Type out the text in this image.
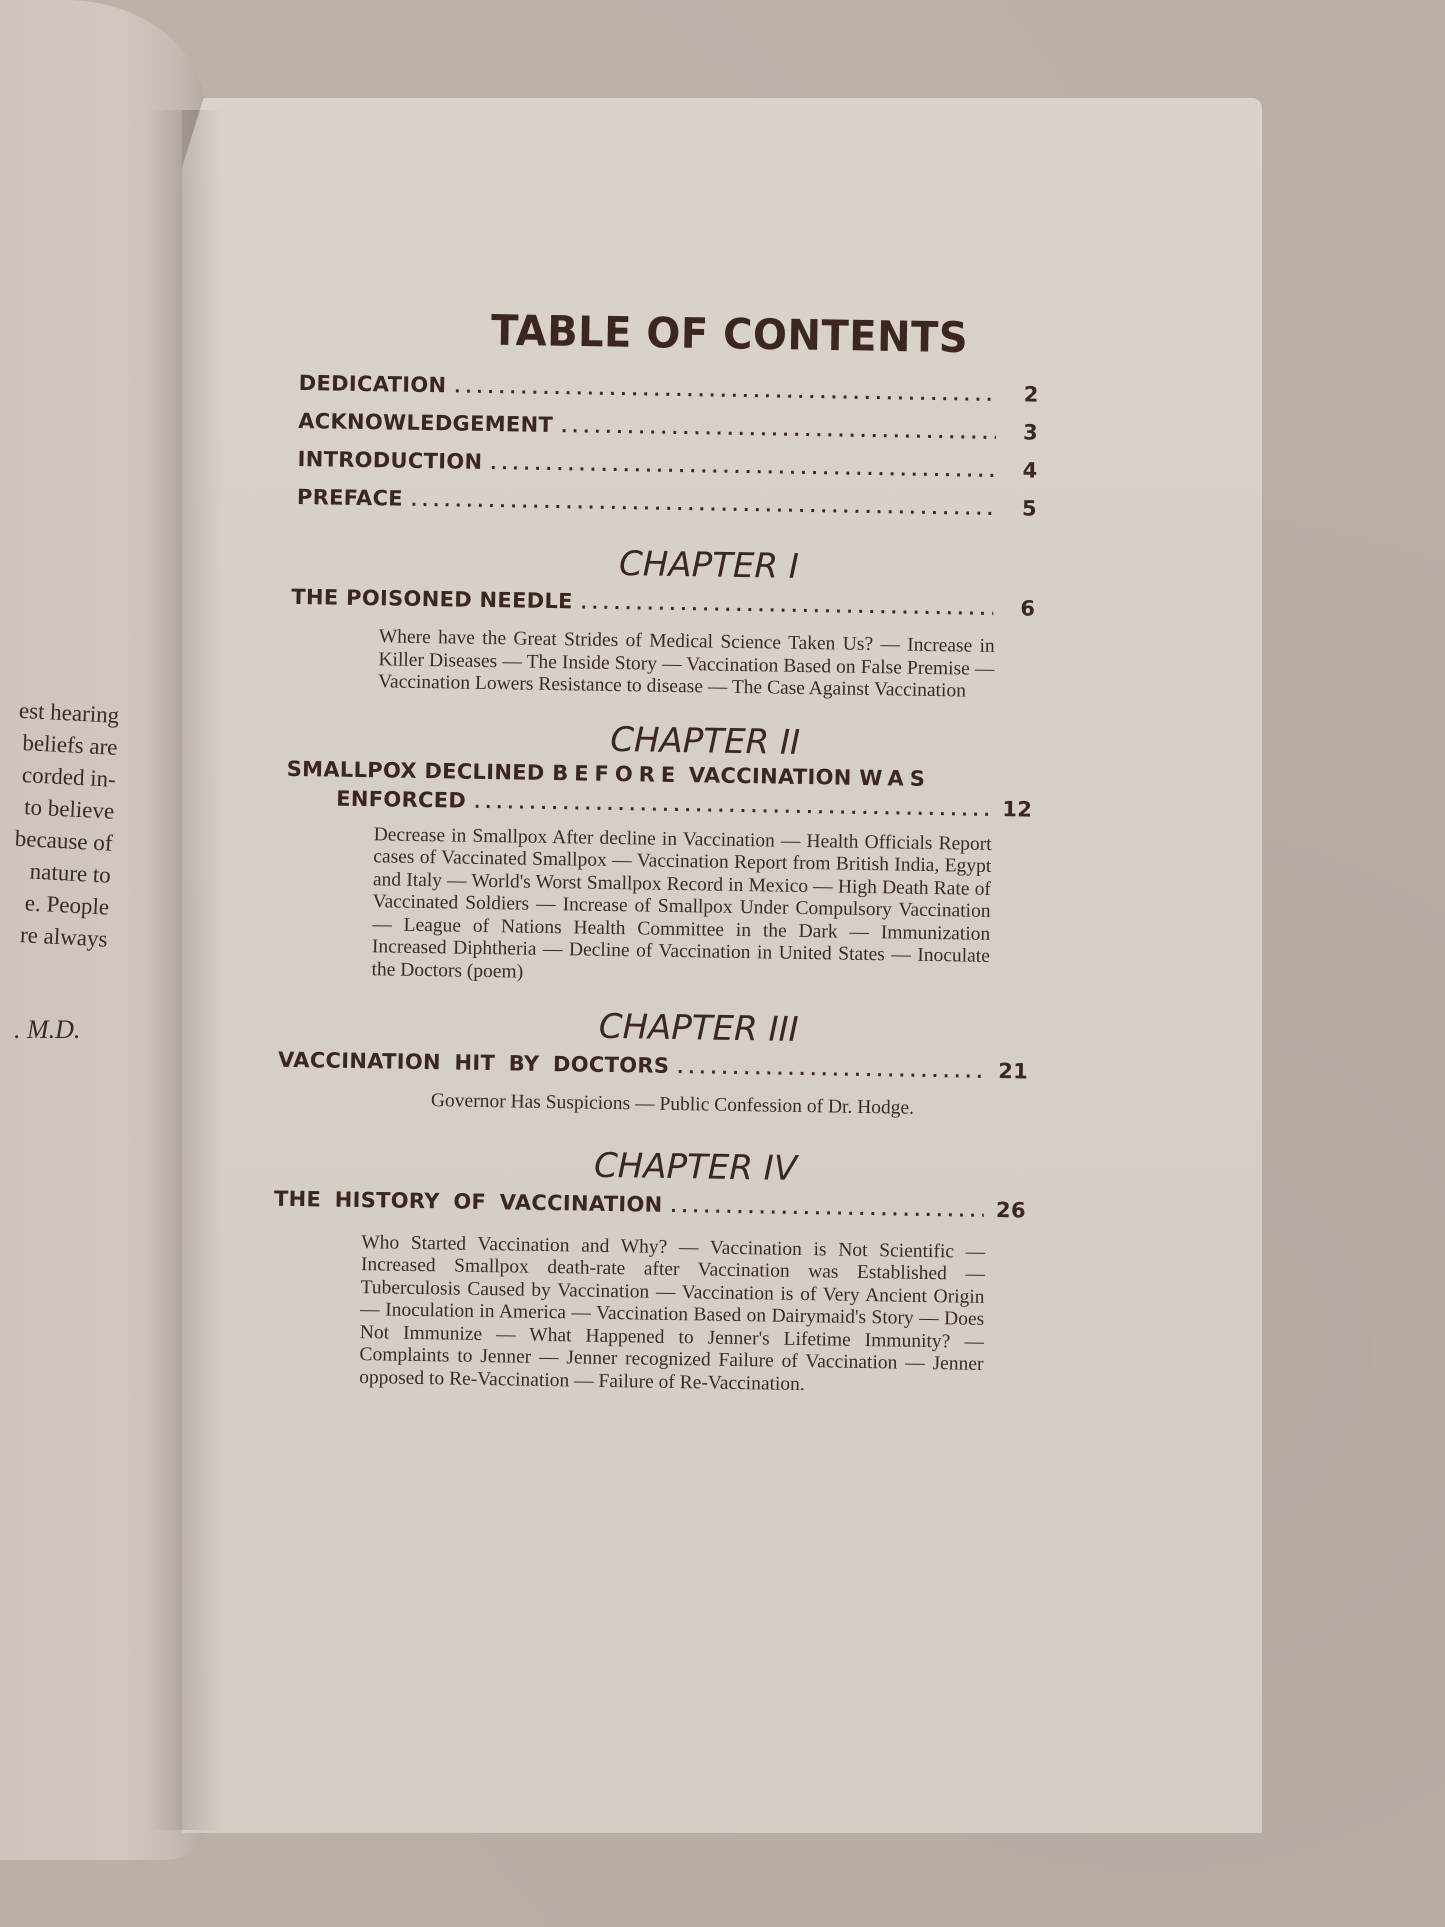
est hearing
beliefs are
corded in-
to believe
because of
nature to
e. People
re always
. M.D.
TABLE OF CONTENTS
DEDICATION .....	2
ACKNOWLEDGEMENT .....	3
INTRODUCTION .....	4
PREFACE .....	5
CHAPTER I
THE POISONED NEEDLE .....	6
Where have the Great Strides of Medical Science Taken Us? — Increase in Killer Diseases — The Inside Story — Vaccination Based on False Premise — Vaccination Lowers Resistance to disease — The Case Against Vaccination
CHAPTER II
SMALLPOX DECLINED BEFORE VACCINATION WAS
ENFORCED .....	12
Decrease in Smallpox After decline in Vaccination — Health Officials Report cases of Vaccinated Smallpox — Vaccination Report from British India, Egypt and Italy — World's Worst Smallpox Record in Mexico — High Death Rate of Vaccinated Soldiers — Increase of Smallpox Under Compulsory Vaccination — League of Nations Health Committee in the Dark — Immunization Increased Diphtheria — Decline of Vaccination in United States — Inoculate the Doctors (poem)
CHAPTER III
VACCINATION HIT BY DOCTORS .....	21
Governor Has Suspicions — Public Confession of Dr. Hodge.
CHAPTER IV
THE HISTORY OF VACCINATION .....	26
Who Started Vaccination and Why? — Vaccination is Not Scientific — Increased Smallpox death-rate after Vaccination was Established — Tuberculosis Caused by Vaccination — Vaccination is of Very Ancient Origin — Inoculation in America — Vaccination Based on Dairymaid's Story — Does Not Immunize — What Happened to Jenner's Lifetime Immunity? — Complaints to Jenner — Jenner recognized Failure of Vaccination — Jenner opposed to Re-Vaccination — Failure of Re-Vaccination.
